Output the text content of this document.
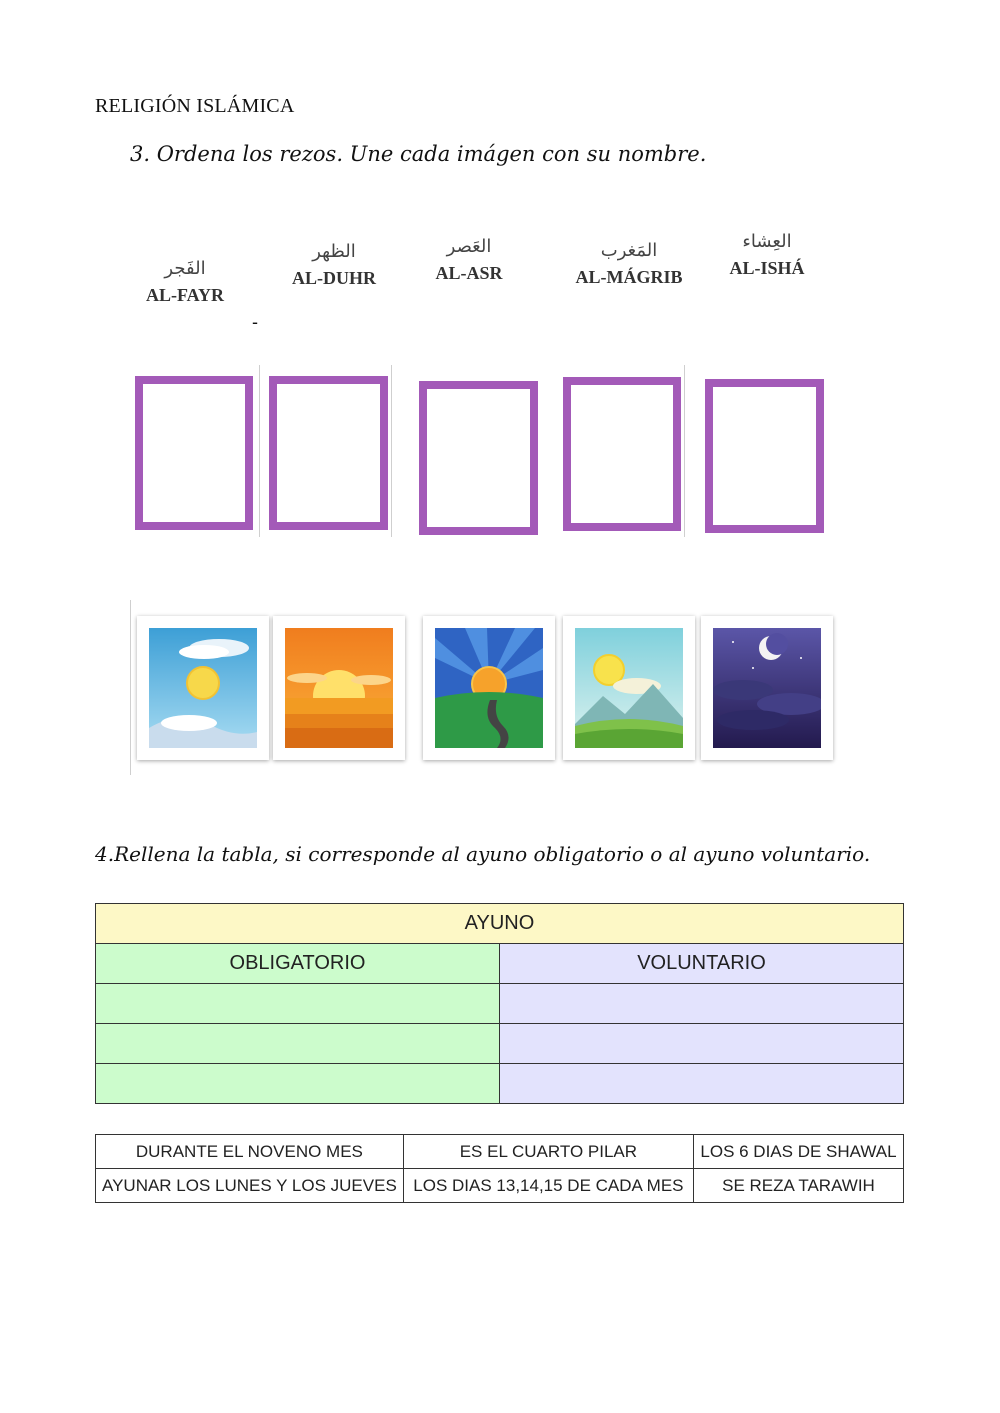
RELIGIÓN ISLÁMICA
3. Ordena los rezos. Une cada imágen con su nombre.
الفَجر
AL-FAYR
الظهر
AL-DUHR
العَصر
AL-ASR
المَغرب
AL-MÁGRIB
العِشاء
AL-ISHÁ
-
4.Rellena la tabla, si corresponde al ayuno obligatorio o al ayuno voluntario.
AYUNO	
OBLIGATORIO	VOLUNTARIO

DURANTE EL NOVENO MES	ES EL CUARTO PILAR	LOS 6 DIAS DE SHAWAL
AYUNAR LOS LUNES Y LOS JUEVES	LOS DIAS 13,14,15 DE CADA MES	SE REZA TARAWIH
